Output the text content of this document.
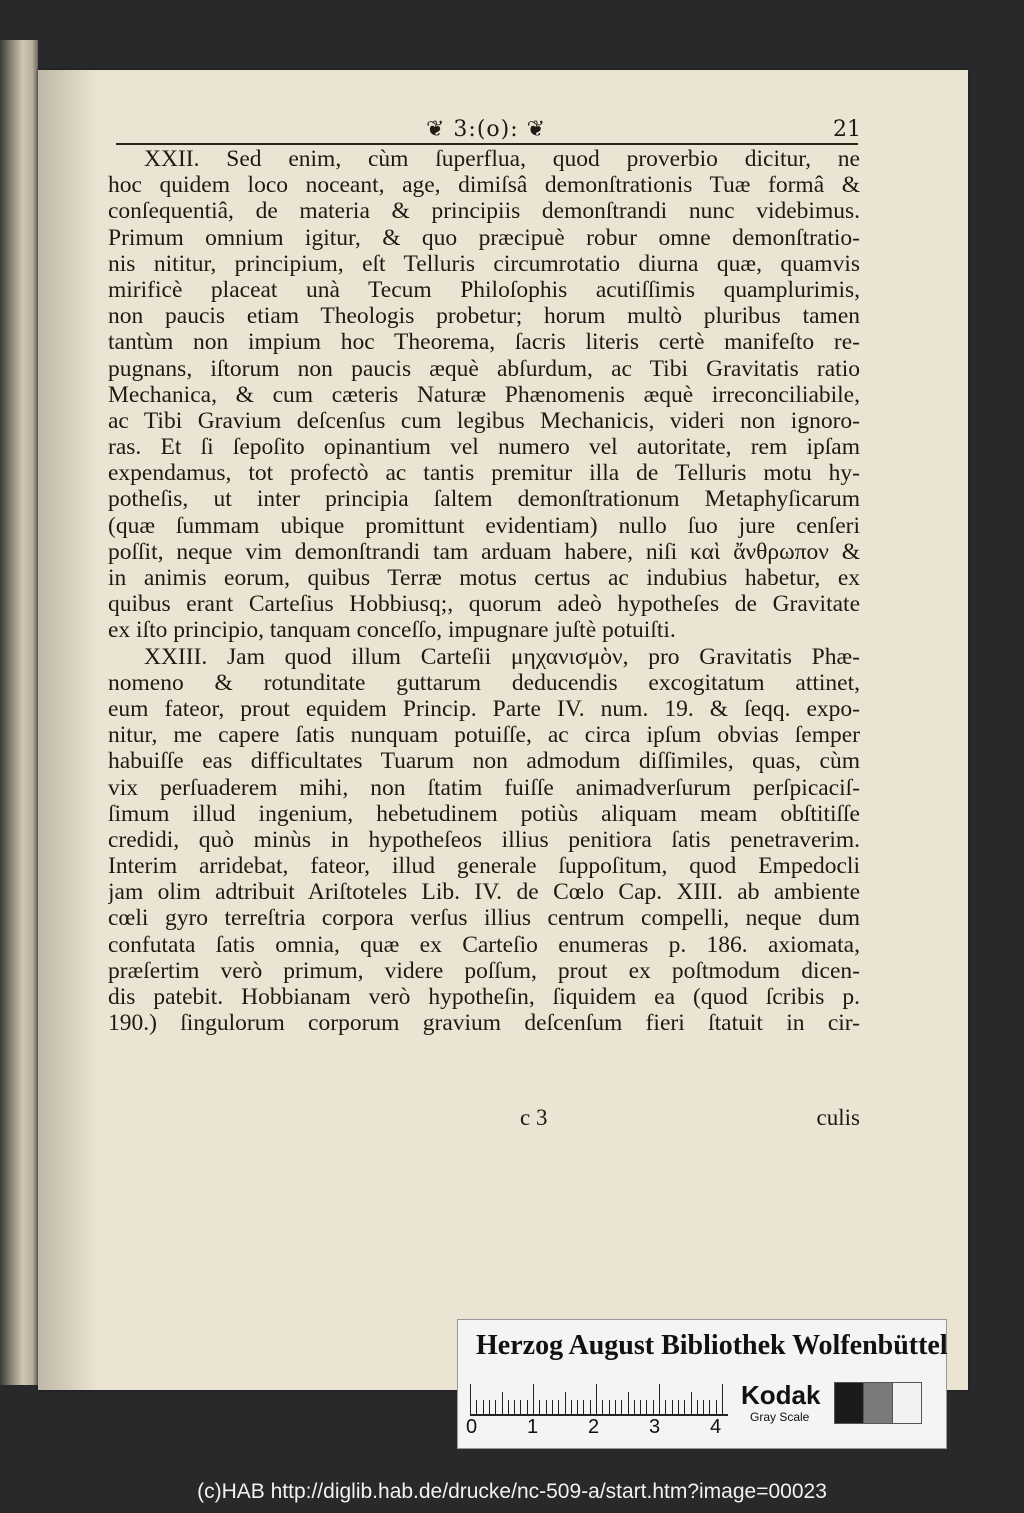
❦ 3:(o): ❦	21
XXII. Sed enim, cùm ſuperflua, quod proverbio dicitur, ne
hoc quidem loco noceant, age, dimiſsâ demonſtrationis Tuæ formâ &
conſequentiâ, de materia & principiis demonſtrandi nunc videbimus.
Primum omnium igitur, & quo præcipuè robur omne demonſtratio-
nis nititur, principium, eſt Telluris circumrotatio diurna quæ, quamvis
mirificè placeat unà Tecum Philoſophis acutiſſimis quamplurimis,
non paucis etiam Theologis probetur; horum multò pluribus tamen
tantùm non impium hoc Theorema, ſacris literis certè manifeſto re-
pugnans, iſtorum non paucis æquè abſurdum, ac Tibi Gravitatis ratio
Mechanica, & cum cæteris Naturæ Phænomenis æquè irreconciliabile,
ac Tibi Gravium deſcenſus cum legibus Mechanicis, videri non ignoro-
ras. Et ſi ſepoſito opinantium vel numero vel autoritate, rem ipſam
expendamus, tot profectò ac tantis premitur illa de Telluris motu hy-
potheſis, ut inter principia ſaltem demonſtrationum Metaphyſicarum
(quæ ſummam ubique promittunt evidentiam) nullo ſuo jure cenſeri
poſſit, neque vim demonſtrandi tam arduam habere, niſi καὶ ἄνθρωπον &
in animis eorum, quibus Terræ motus certus ac indubius habetur, ex
quibus erant Carteſius Hobbiusq;, quorum adeò hypotheſes de Gravitate
ex iſto principio, tanquam conceſſo, impugnare juſtè potuiſti.
XXIII. Jam quod illum Carteſii μηχανισμὸν, pro Gravitatis Phæ-
nomeno & rotunditate guttarum deducendis excogitatum attinet,
eum fateor, prout equidem Princip. Parte IV. num. 19. & ſeqq. expo-
nitur, me capere ſatis nunquam potuiſſe, ac circa ipſum obvias ſemper
habuiſſe eas difficultates Tuarum non admodum diſſimiles, quas, cùm
vix perſuaderem mihi, non ſtatim fuiſſe animadverſurum perſpicaciſ-
ſimum illud ingenium, hebetudinem potiùs aliquam meam obſtitiſſe
credidi, quò minùs in hypotheſeos illius penitiora ſatis penetraverim.
Interim arridebat, fateor, illud generale ſuppoſitum, quod Empedocli
jam olim adtribuit Ariſtoteles Lib. IV. de Cœlo Cap. XIII. ab ambiente
cœli gyro terreſtria corpora verſus illius centrum compelli, neque dum
confutata ſatis omnia, quæ ex Carteſio enumeras p. 186. axiomata,
præſertim verò primum, videre poſſum, prout ex poſtmodum dicen-
dis patebit. Hobbianam verò hypotheſin, ſiquidem ea (quod ſcribis p.
190.) ſingulorum corporum gravium deſcenſum fieri ſtatuit in cir-
c 3	culis
Herzog August Bibliothek Wolfenbüttel
0 1 2 3 4
Kodak
Gray Scale
(c)HAB http://diglib.hab.de/drucke/nc-509-a/start.htm?image=00023
